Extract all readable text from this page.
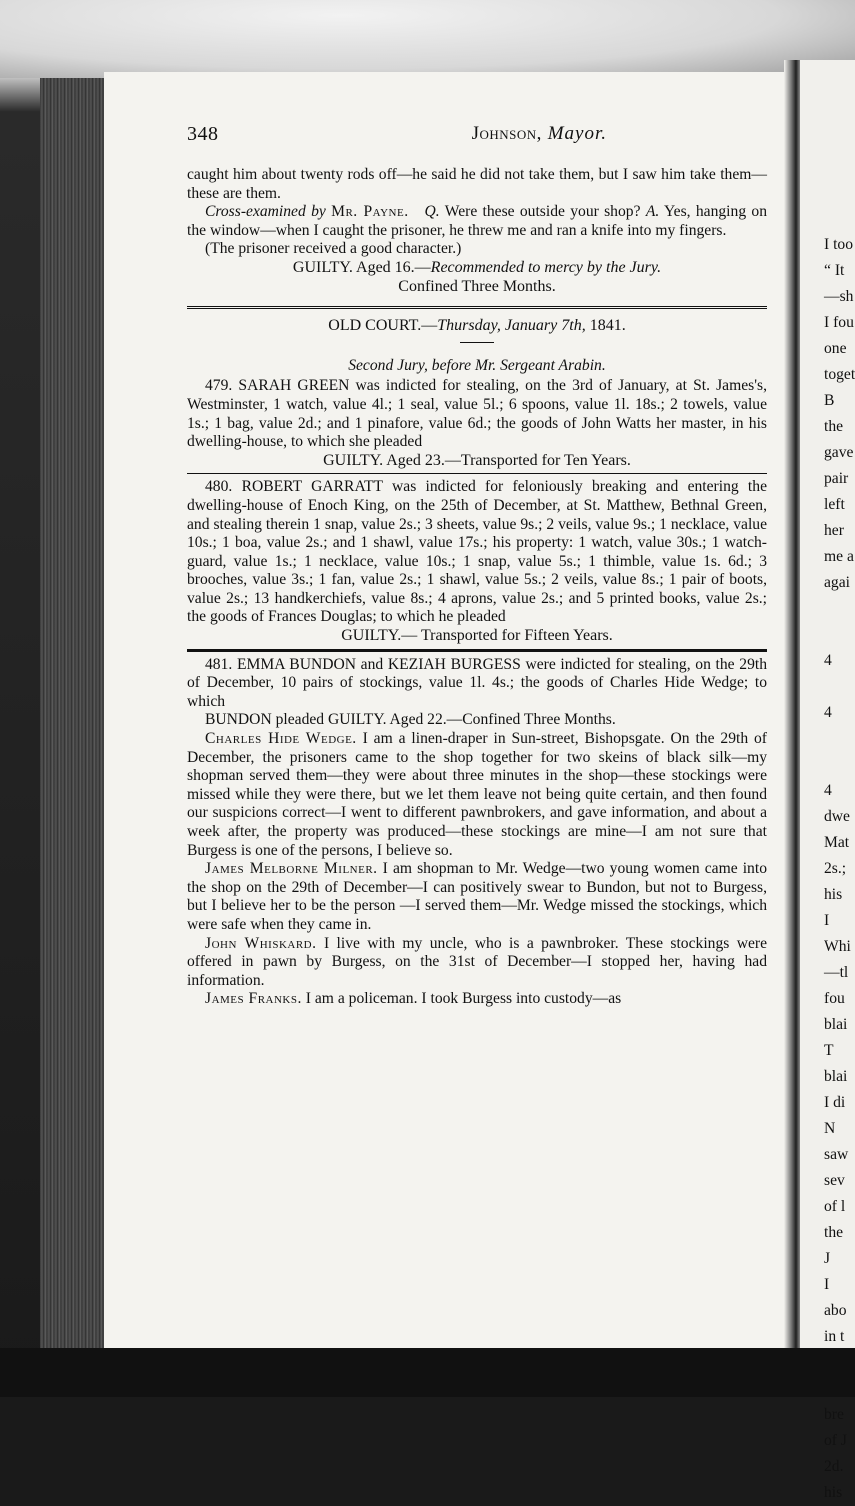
I too
“ It
—sh
I fou
one
toget
B
the
gave
pair
left
her
me a
agai
4
4
4
dwe
Mat
2s.;
his
I
Whi
—tl
fou
blai
T
blai
I di
N
saw
sev
of l
the
J
I
abo
in t
bre
of J
2d.
his
348	Johnson, Mayor.

caught him about twenty rods off—he said he did not take them, but I saw him take them—these are them.

Cross-examined by Mr. Payne. Q. Were these outside your shop? A. Yes, hanging on the window—when I caught the prisoner, he threw me and ran a knife into my fingers.

(The prisoner received a good character.)

GUILTY. Aged 16.—Recommended to mercy by the Jury.

Confined Three Months.

OLD COURT.—Thursday, January 7th, 1841.

Second Jury, before Mr. Sergeant Arabin.

479. SARAH GREEN was indicted for stealing, on the 3rd of January, at St. James's, Westminster, 1 watch, value 4l.; 1 seal, value 5l.; 6 spoons, value 1l. 18s.; 2 towels, value 1s.; 1 bag, value 2d.; and 1 pinafore, value 6d.; the goods of John Watts her master, in his dwelling-house, to which she pleaded

GUILTY. Aged 23.—Transported for Ten Years.

480. ROBERT GARRATT was indicted for feloniously breaking and entering the dwelling-house of Enoch King, on the 25th of December, at St. Matthew, Bethnal Green, and stealing therein 1 snap, value 2s.; 3 sheets, value 9s.; 2 veils, value 9s.; 1 necklace, value 10s.; 1 boa, value 2s.; and 1 shawl, value 17s.; his property: 1 watch, value 30s.; 1 watch-guard, value 1s.; 1 necklace, value 10s.; 1 snap, value 5s.; 1 thimble, value 1s. 6d.; 3 brooches, value 3s.; 1 fan, value 2s.; 1 shawl, value 5s.; 2 veils, value 8s.; 1 pair of boots, value 2s.; 13 handkerchiefs, value 8s.; 4 aprons, value 2s.; and 5 printed books, value 2s.; the goods of Frances Douglas; to which he pleaded

GUILTY.— Transported for Fifteen Years.

481. EMMA BUNDON and KEZIAH BURGESS were indicted for stealing, on the 29th of December, 10 pairs of stockings, value 1l. 4s.; the goods of Charles Hide Wedge; to which

BUNDON pleaded GUILTY. Aged 22.—Confined Three Months.

Charles Hide Wedge. I am a linen-draper in Sun-street, Bishopsgate. On the 29th of December, the prisoners came to the shop together for two skeins of black silk—my shopman served them—they were about three minutes in the shop—these stockings were missed while they were there, but we let them leave not being quite certain, and then found our suspicions correct—I went to different pawnbrokers, and gave information, and about a week after, the property was produced—these stockings are mine—I am not sure that Burgess is one of the persons, I believe so.

James Melborne Milner. I am shopman to Mr. Wedge—two young women came into the shop on the 29th of December—I can positively swear to Bundon, but not to Burgess, but I believe her to be the person —I served them—Mr. Wedge missed the stockings, which were safe when they came in.

John Whiskard. I live with my uncle, who is a pawnbroker. These stockings were offered in pawn by Burgess, on the 31st of December—I stopped her, having had information.

James Franks. I am a policeman. I took Burgess into custody—as
